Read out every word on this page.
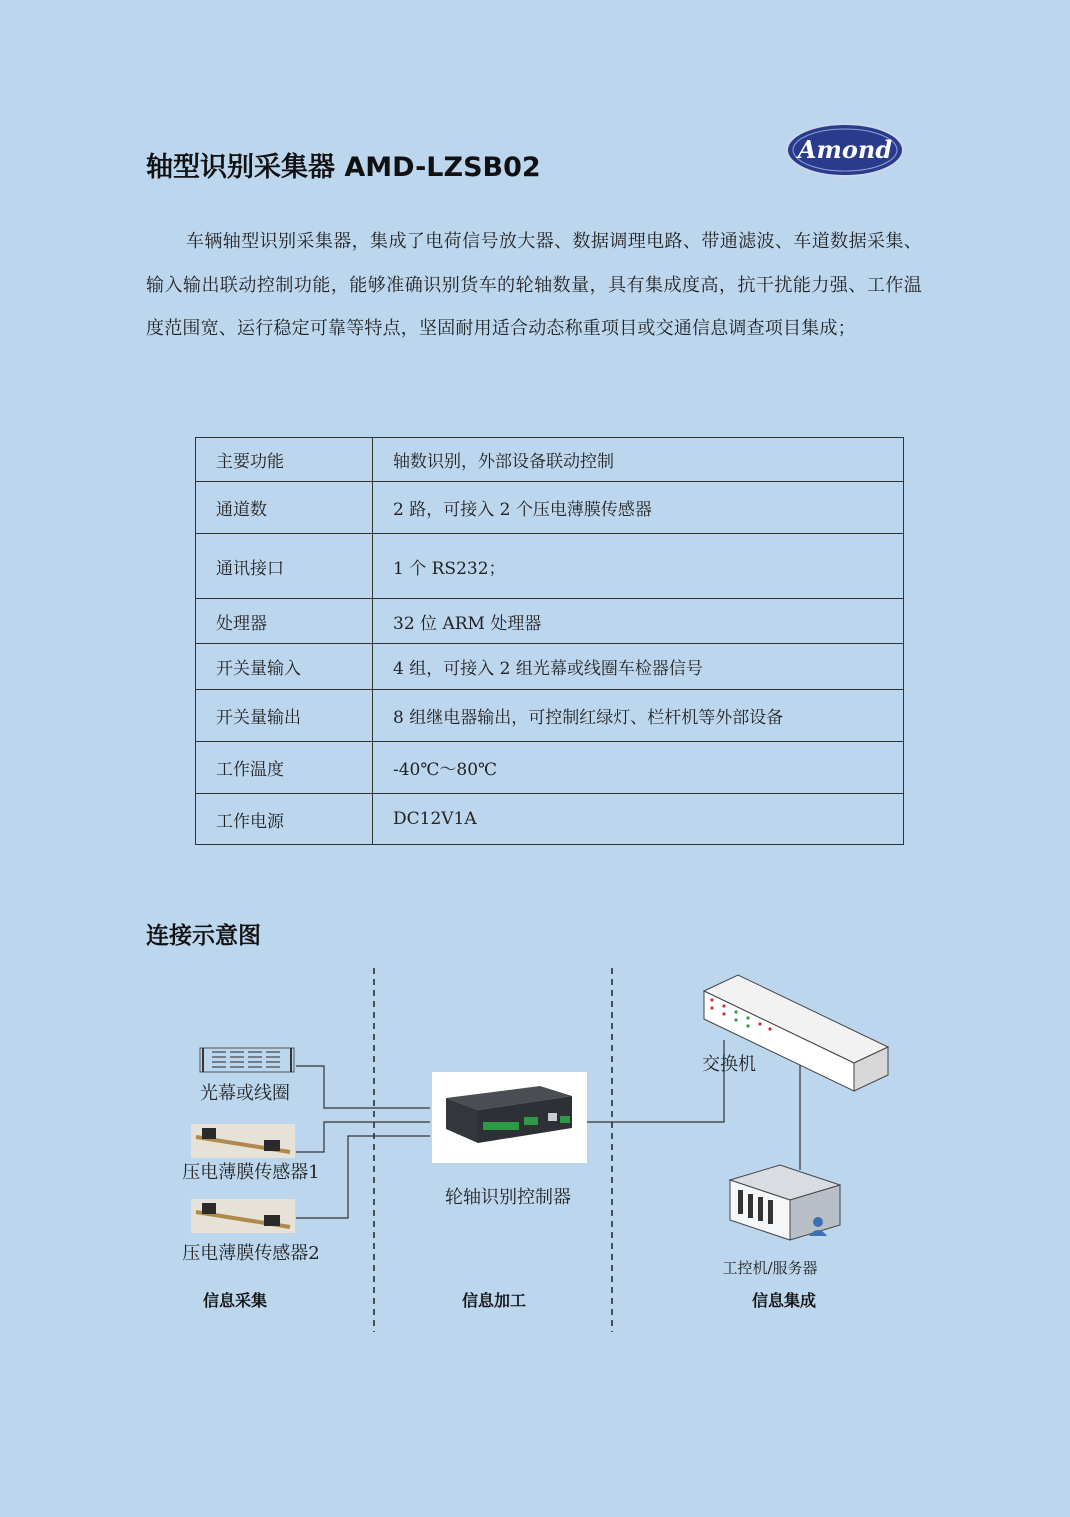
轴型识别采集器 AMD-LZSB02
Amond
车辆轴型识别采集器，集成了电荷信号放大器、数据调理电路、带通滤波、车道数据采集、输入输出联动控制功能，能够准确识别货车的轮轴数量，具有集成度高，抗干扰能力强、工作温度范围宽、运行稳定可靠等特点，坚固耐用适合动态称重项目或交通信息调查项目集成；
主要功能	轴数识别，外部设备联动控制
通道数	2 路，可接入 2 个压电薄膜传感器
通讯接口	1 个 RS232；
处理器	32 位 ARM 处理器
开关量输入	4 组，可接入 2 组光幕或线圈车检器信号
开关量输出	8 组继电器输出，可控制红绿灯、栏杆机等外部设备
工作温度	-40℃～80℃
工作电源	DC12V1A
连接示意图
光幕或线圈
压电薄膜传感器1
压电薄膜传感器2
轮轴识别控制器
交换机
工控机/服务器
信息采集	信息加工	信息集成
